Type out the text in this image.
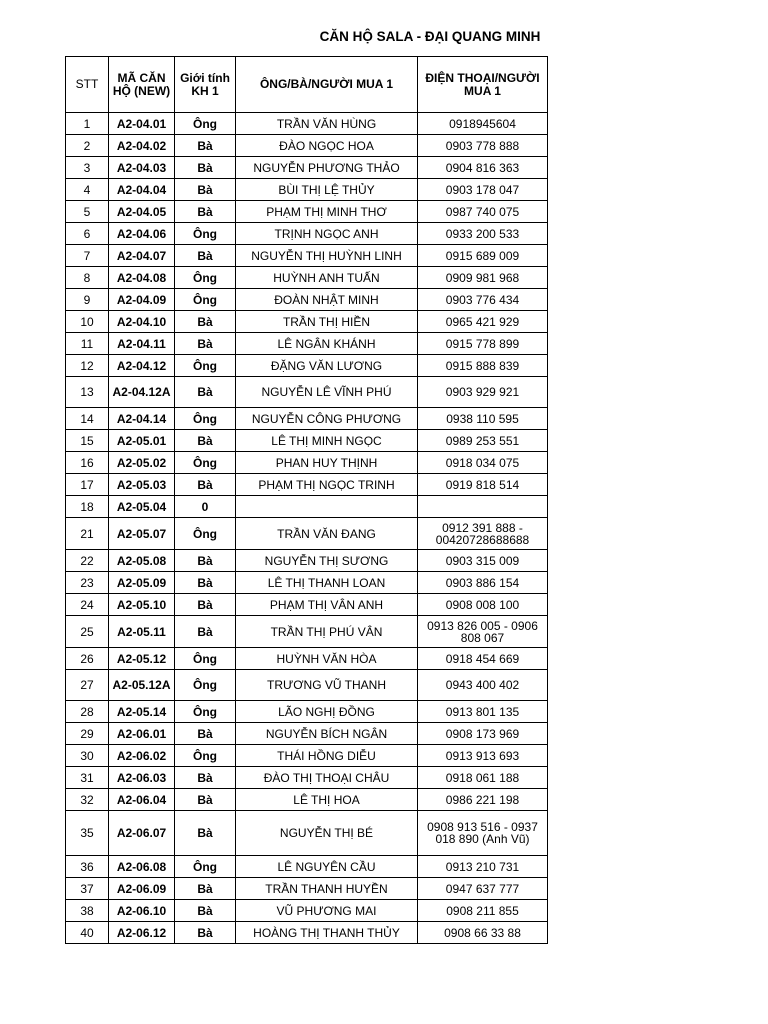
CĂN HỘ SALA - ĐẠI QUANG MINH
STT	MÃ CĂN HỘ (NEW)	Giới tính KH 1	ÔNG/BÀ/NGƯỜI MUA 1	ĐIỆN THOẠI/NGƯỜI MUA 1
1	A2-04.01	Ông	TRẦN VĂN HÙNG	0918945604
2	A2-04.02	Bà	ĐÀO NGỌC HOA	0903 778 888
3	A2-04.03	Bà	NGUYỄN PHƯƠNG THẢO	0904 816 363
4	A2-04.04	Bà	BÙI THỊ LỆ THỦY	0903 178 047
5	A2-04.05	Bà	PHẠM THỊ MINH THƠ	0987 740 075
6	A2-04.06	Ông	TRỊNH NGỌC ANH	0933 200 533
7	A2-04.07	Bà	NGUYỄN THỊ HUỲNH LINH	0915 689 009
8	A2-04.08	Ông	HUỲNH ANH TUẤN	0909 981 968
9	A2-04.09	Ông	ĐOÀN NHẬT MINH	0903 776 434
10	A2-04.10	Bà	TRẦN THỊ HIỀN	0965 421 929
11	A2-04.11	Bà	LÊ NGÂN KHÁNH	0915 778 899
12	A2-04.12	Ông	ĐẶNG VĂN LƯƠNG	0915 888 839
13	A2-04.12A	Bà	NGUYỄN LÊ VĨNH PHÚ	0903 929 921
14	A2-04.14	Ông	NGUYỄN CÔNG PHƯƠNG	0938 110 595
15	A2-05.01	Bà	LÊ THỊ MINH NGỌC	0989 253 551
16	A2-05.02	Ông	PHAN HUY THỊNH	0918 034 075
17	A2-05.03	Bà	PHẠM THỊ NGỌC TRINH	0919 818 514
18	A2-05.04	0		
21	A2-05.07	Ông	TRẦN VĂN ĐANG	0912 391 888 - 00420728688688
22	A2-05.08	Bà	NGUYỄN THỊ SƯƠNG	0903 315 009
23	A2-05.09	Bà	LÊ THỊ THANH LOAN	0903 886 154
24	A2-05.10	Bà	PHẠM THỊ VÂN ANH	0908 008 100
25	A2-05.11	Bà	TRẦN THỊ PHÚ VÂN	0913 826 005 - 0906 808 067
26	A2-05.12	Ông	HUỲNH VĂN HÒA	0918 454 669
27	A2-05.12A	Ông	TRƯƠNG VŨ THANH	0943 400 402
28	A2-05.14	Ông	LÃO NGHỊ ĐỒNG	0913 801 135
29	A2-06.01	Bà	NGUYỄN BÍCH NGÂN	0908 173 969
30	A2-06.02	Ông	THÁI HỒNG DIỄU	0913 913 693
31	A2-06.03	Bà	ĐÀO THỊ THOẠI CHÂU	0918 061 188
32	A2-06.04	Bà	LÊ THỊ HOA	0986 221 198
35	A2-06.07	Bà	NGUYỄN THỊ BÉ	0908 913 516 - 0937 018 890 (Anh Vũ)
36	A2-06.08	Ông	LÊ NGUYÊN CẦU	0913 210 731
37	A2-06.09	Bà	TRẦN THANH HUYỀN	0947 637 777
38	A2-06.10	Bà	VŨ PHƯƠNG MAI	0908 211 855
40	A2-06.12	Bà	HOÀNG THỊ THANH THỦY	0908 66 33 88
